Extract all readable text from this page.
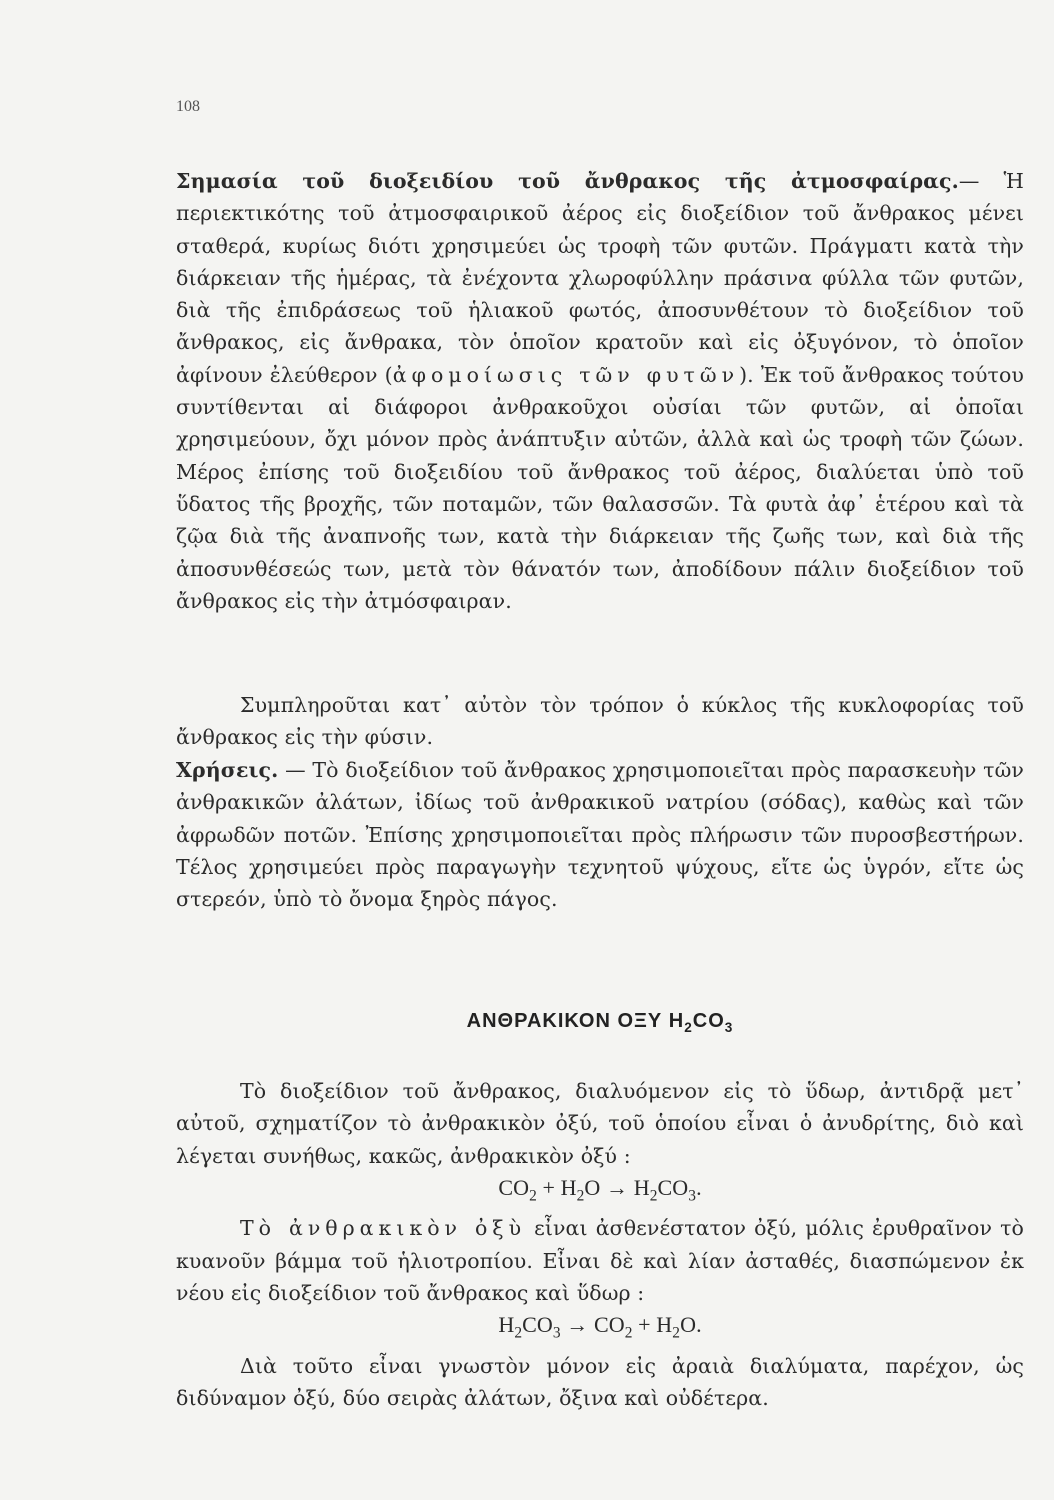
108
Σημασία τοῦ διοξειδίου τοῦ ἄνθρακος τῆς ἀτμοσφαίρας.— Ἡ περιεκτικότης τοῦ ἀτμοσφαιρικοῦ ἀέρος εἰς διοξείδιον τοῦ ἄνθρακος μένει σταθερά, κυρίως διότι χρησιμεύει ὡς τροφὴ τῶν φυτῶν. Πράγματι κατὰ τὴν διάρκειαν τῆς ἡμέρας, τὰ ἐνέχοντα χλωροφύλλην πράσινα φύλλα τῶν φυτῶν, διὰ τῆς ἐπιδράσεως τοῦ ἡλιακοῦ φωτός, ἀποσυνθέτουν τὸ διοξείδιον τοῦ ἄνθρακος, εἰς ἄνθρακα, τὸν ὁποῖον κρατοῦν καὶ εἰς ὀξυγόνον, τὸ ὁποῖον ἀφίνουν ἐλεύθερον (ἀφομοίωσις τῶν φυτῶν). Ἐκ τοῦ ἄνθρακος τούτου συντίθενται αἱ διάφοροι ἀνθρακοῦχοι οὐσίαι τῶν φυτῶν, αἱ ὁποῖαι χρησιμεύουν, ὄχι μόνον πρὸς ἀνάπτυξιν αὐτῶν, ἀλλὰ καὶ ὡς τροφὴ τῶν ζώων. Μέρος ἐπίσης τοῦ διοξειδίου τοῦ ἄνθρακος τοῦ ἀέρος, διαλύεται ὑπὸ τοῦ ὕδατος τῆς βροχῆς, τῶν ποταμῶν, τῶν θαλασσῶν. Τὰ φυτὰ ἀφ᾿ ἑτέρου καὶ τὰ ζῷα διὰ τῆς ἀναπνοῆς των, κατὰ τὴν διάρκειαν τῆς ζωῆς των, καὶ διὰ τῆς ἀποσυνθέσεώς των, μετὰ τὸν θάνατόν των, ἀποδίδουν πάλιν διοξείδιον τοῦ ἄνθρακος εἰς τὴν ἀτμόσφαιραν.

Συμπληροῦται κατ᾿ αὐτὸν τὸν τρόπον ὁ κύκλος τῆς κυκλοφορίας τοῦ ἄνθρακος εἰς τὴν φύσιν.

Χρήσεις. — Τὸ διοξείδιον τοῦ ἄνθρακος χρησιμοποιεῖται πρὸς παρασκευὴν τῶν ἀνθρακικῶν ἀλάτων, ἰδίως τοῦ ἀνθρακικοῦ νατρίου (σόδας), καθὼς καὶ τῶν ἀφρωδῶν ποτῶν. Ἐπίσης χρησιμοποιεῖται πρὸς πλήρωσιν τῶν πυροσβεστήρων. Τέλος χρησιμεύει πρὸς παραγωγὴν τεχνητοῦ ψύχους, εἴτε ὡς ὑγρόν, εἴτε ὡς στερεόν, ὑπὸ τὸ ὄνομα ξηρὸς πάγος.
ΑΝΘΡΑΚΙΚΟΝ ΟΞΥ $H_2CO_3$

Τὸ διοξείδιον τοῦ ἄνθρακος, διαλυόμενον εἰς τὸ ὕδωρ, ἀντιδρᾷ μετ᾿ αὐτοῦ, σχηματίζον τὸ ἀνθρακικὸν ὀξύ, τοῦ ὁποίου εἶναι ὁ ἀνυδρίτης, διὸ καὶ λέγεται συνήθως, κακῶς, ἀνθρακικὸν ὀξύ :

$CO_2 + H_2O \to H_2CO_3$.

Τὸ ἀνθρακικὸν ὀξὺ εἶναι ἀσθενέστατον ὀξύ, μόλις ἐρυθραῖνον τὸ κυανοῦν βάμμα τοῦ ἡλιοτροπίου. Εἶναι δὲ καὶ λίαν ἀσταθές, διασπώμενον ἐκ νέου εἰς διοξείδιον τοῦ ἄνθρακος καὶ ὕδωρ :

$H_2CO_3 \to CO_2 + H_2O$.

Διὰ τοῦτο εἶναι γνωστὸν μόνον εἰς ἀραιὰ διαλύματα, παρέχον, ὡς διδύναμον ὀξύ, δύο σειρὰς ἀλάτων, ὄξινα καὶ οὐδέτερα.
